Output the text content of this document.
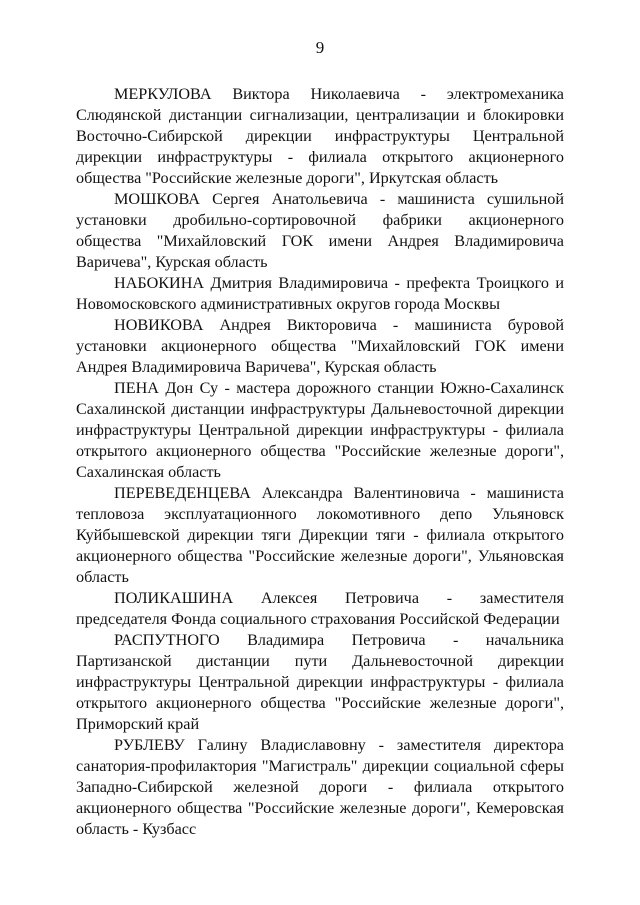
9

МЕРКУЛОВА Виктора Николаевича - электромеханика Слюдянской дистанции сигнализации, централизации и блокировки Восточно-Сибирской дирекции инфраструктуры Центральной дирекции инфраструктуры - филиала открытого акционерного общества "Российские железные дороги", Иркутская область

МОШКОВА Сергея Анатольевича - машиниста сушильной установки дробильно-сортировочной фабрики акционерного общества "Михайловский ГОК имени Андрея Владимировича Варичева", Курская область

НАБОКИНА Дмитрия Владимировича - префекта Троицкого и Новомосковского административных округов города Москвы

НОВИКОВА Андрея Викторовича - машиниста буровой установки акционерного общества "Михайловский ГОК имени Андрея Владимировича Варичева", Курская область

ПЕНА Дон Су - мастера дорожного станции Южно-Сахалинск Сахалинской дистанции инфраструктуры Дальневосточной дирекции инфраструктуры Центральной дирекции инфраструктуры - филиала открытого акционерного общества "Российские железные дороги", Сахалинская область

ПЕРЕВЕДЕНЦЕВА Александра Валентиновича - машиниста тепловоза эксплуатационного локомотивного депо Ульяновск Куйбышевской дирекции тяги Дирекции тяги - филиала открытого акционерного общества "Российские железные дороги", Ульяновская область

ПОЛИКАШИНА Алексея Петровича - заместителя председателя Фонда социального страхования Российской Федерации

РАСПУТНОГО Владимира Петровича - начальника Партизанской дистанции пути Дальневосточной дирекции инфраструктуры Центральной дирекции инфраструктуры - филиала открытого акционерного общества "Российские железные дороги", Приморский край

РУБЛЕВУ Галину Владиславовну - заместителя директора санатория-профилактория "Магистраль" дирекции социальной сферы Западно-Сибирской железной дороги - филиала открытого акционерного общества "Российские железные дороги", Кемеровская область - Кузбасс
